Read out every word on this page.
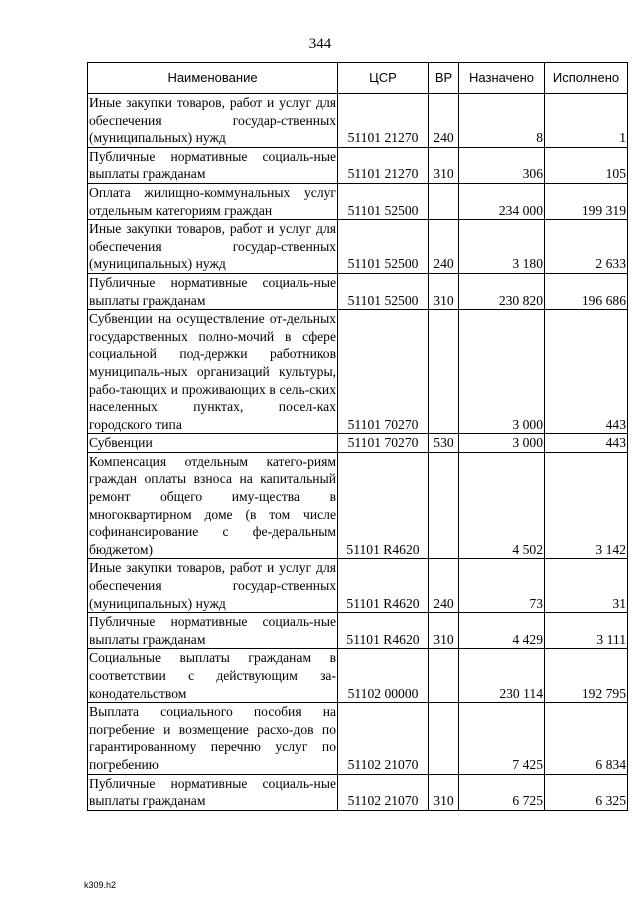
344
Наименование	ЦСР	ВР	Назначено	Исполнено
Иные закупки товаров, работ и услуг для обеспечения государ-ственных (муниципальных) нужд	51101 21270	240	8	1
Публичные нормативные социаль-ные выплаты гражданам	51101 21270	310	306	105
Оплата жилищно-коммунальных услуг отдельным категориям граждан	51101 52500		234 000	199 319
Иные закупки товаров, работ и услуг для обеспечения государ-ственных (муниципальных) нужд	51101 52500	240	3 180	2 633
Публичные нормативные социаль-ные выплаты гражданам	51101 52500	310	230 820	196 686
Субвенции на осуществление от-дельных государственных полно-мочий в сфере социальной под-держки работников муниципаль-ных организаций культуры, рабо-тающих и проживающих в сель-ских населенных пунктах, посел-ках городского типа	51101 70270		3 000	443
Субвенции	51101 70270	530	3 000	443
Компенсация отдельным катего-риям граждан оплаты взноса на капитальный ремонт общего иму-щества в многоквартирном доме (в том числе софинансирование с фе-деральным бюджетом)	51101 R4620		4 502	3 142
Иные закупки товаров, работ и услуг для обеспечения государ-ственных (муниципальных) нужд	51101 R4620	240	73	31
Публичные нормативные социаль-ные выплаты гражданам	51101 R4620	310	4 429	3 111
Социальные выплаты гражданам в соответствии с действующим за-конодательством	51102 00000		230 114	192 795
Выплата социального пособия на погребение и возмещение расхо-дов по гарантированному перечню услуг по погребению	51102 21070		7 425	6 834
Публичные нормативные социаль-ные выплаты гражданам	51102 21070	310	6 725	6 325
k309.h2
